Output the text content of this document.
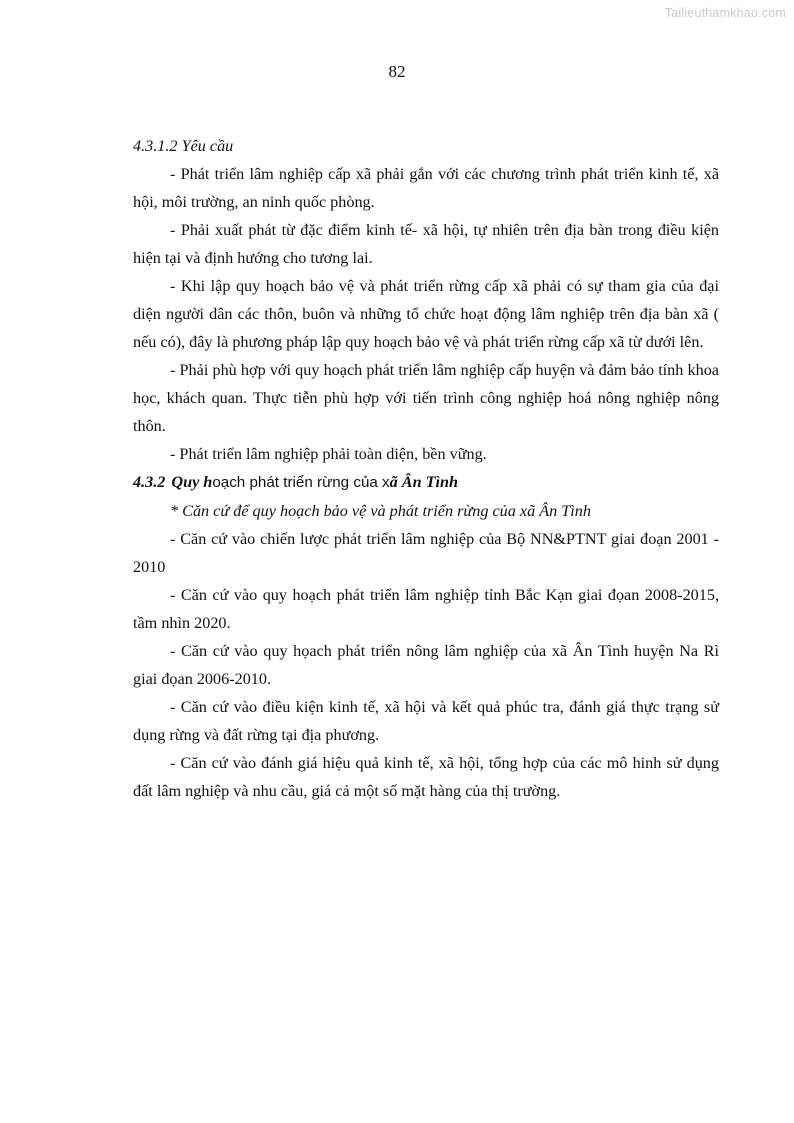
Tailieuthamkhao.com
82

4.3.1.2 Yêu cầu

- Phát triển lâm nghiệp cấp xã phải gắn với các chương trình phát triển kinh tế, xã hội, môi trường, an ninh quốc phòng.

- Phải xuất phát từ đặc điểm kinh tế- xã hội, tự nhiên trên địa bàn trong điều kiện hiện tại và định hướng cho tương lai.

- Khi lập quy hoạch bảo vệ và phát triển rừng cấp xã phải có sự tham gia của đại diện người dân các thôn, buôn và những tổ chức hoạt động lâm nghiệp trên địa bàn xã ( nếu có), đây là phương pháp lập quy hoạch bảo vệ và phát triển rừng cấp xã từ dưới lên.

- Phải phù hợp với quy hoạch phát triển lâm nghiệp cấp huyện và đảm bảo tính khoa học, khách quan. Thực tiễn phù hợp với tiến trình công nghiệp hoá nông nghiệp nông thôn.

- Phát triển lâm nghiệp phải toàn diện, bền vững.

4.3.2 Quy hoạch phát triển rừng của xã Ân Tình

* Căn cứ để quy hoạch bảo vệ và phát triển rừng của xã Ân Tình

- Căn cứ vào chiến lược phát triển lâm nghiệp của Bộ NN&PTNT giai đoạn 2001 - 2010

- Căn cứ vào quy hoạch phát triển lâm nghiệp tỉnh Bắc Kạn giai đọan 2008-2015, tầm nhìn 2020.

- Căn cứ vào quy họach phát triển nông lâm nghiệp của xã Ân Tình huyện Na Rì giai đọan 2006-2010.

- Căn cứ vào điều kiện kinh tế, xã hội và kết quả phúc tra, đánh giá thực trạng sử dụng rừng và đất rừng tại địa phương.

- Căn cứ vào đánh giá hiệu quả kinh tế, xã hội, tổng hợp của các mô hinh sử dụng đất lâm nghiệp và nhu cầu, giá cả một số mặt hàng của thị trường.
